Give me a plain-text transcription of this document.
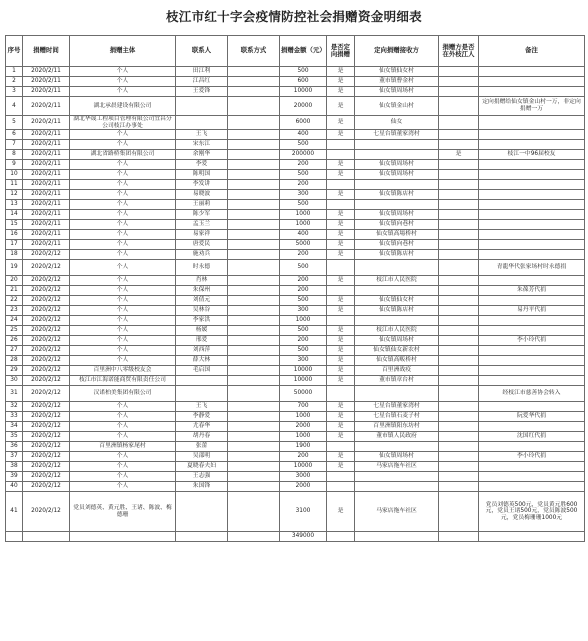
枝江市红十字会疫情防控社会捐赠资金明细表
序号	捐赠时间	捐赠主体	联系人	联系方式	捐赠金额（元）	是否定向捐赠	定向捐赠接收方	捐赠方是否在外枝江人	备注
1	2020/2/11	个人	田江利		500	是	仙女镇仙女村		
2	2020/2/11	个人	江昌红		600	是	董市镇曹金村		
3	2020/2/11	个人	王爱锋		10000	是	仙女镇周场村		
4	2020/2/11	湖北承晨建设有限公司			20000	是	仙女镇金山村		定向捐赠给仙女镇金山村一万，非定向捐赠一万
5	2020/2/11	湖北华晟工程项目管理有限公司宜昌分公司枝江办事处			6000	是	仙女		
6	2020/2/11	个人	王飞		400	是	七星台镇董家湾村		
7	2020/2/11	个人	宋东江		500				
8	2020/2/11	湖北省路桥集团有限公司	余刚华		200000			是	枝江一中96届校友
9	2020/2/11	个人	李爱		200	是	仙女镇周场村		
10	2020/2/11	个人	陈明国		500	是	仙女镇周场村		
11	2020/2/11	个人	李发讲		200				
12	2020/2/11	个人	易晓波		300	是	仙女镇陈店村		
13	2020/2/11	个人	王丽莉		500				
14	2020/2/11	个人	陈少军		1000	是	仙女镇周场村		
15	2020/2/11	个人	孟玉兰		1000	是	仙女镇向巷村		
16	2020/2/11	个人	易家祥		400	是	仙女镇高場桥村		
17	2020/2/11	个人	唐爱民		5000	是	仙女镇向巷村		
18	2020/2/12	个人	施劝兵		200	是	仙女镇陈店村		
19	2020/2/12	个人	时永德		500				青龍华代张家场村时永德捐
20	2020/2/12	个人	肖林		200	是	枝江市人民医院		
21	2020/2/12	个人	朱保州		200				朱葆芳代捐
22	2020/2/12	个人	刘倩元		500	是	仙女镇仙女村		
23	2020/2/12	个人	吴林谷		300	是	仙女镇陈店村		易丹平代捐
24	2020/2/12	个人	李家洪		1000				
25	2020/2/12	个人	杨媛		500	是	枝江市人民医院		
26	2020/2/12	个人	邢爱		200	是	仙女镇周场村		李小玲代捐
27	2020/2/12	个人	刘西萍		500	是	仙女镇仙女新农村		
28	2020/2/12	个人	薛大林		300	是	仙女镇高畈桥村		
29	2020/2/12	百里洲中八零级校友会	毛启国		10000	是	百里洲战疫		
30	2020/2/12	枝江市江海诺能商贸有限责任公司			10000	是	董市镇章台村		
31	2020/2/12	汉诺柏美集团有限公司			50000				经枝江市慈善协会转入
32	2020/2/12	个人	王飞		700	是	七星台镇董家湾村		
33	2020/2/12	个人	李静爱		1000	是	七星台镇石麦子村		阮爱华代捐
34	2020/2/12	个人	尤春华		2000	是	百里洲镇阳东坊村		
35	2020/2/12	个人	胡丹春		1000	是	董市镇人民政府		沈国红代捐
36	2020/2/12	百里洲镇杨家尾村	张蕾		1900				
37	2020/2/12	个人	吴邵明		200	是	仙女镇周场村		李小玲代捐
38	2020/2/12	个人	夏晓春夫妇		10000	是	马家店拖车社区		
39	2020/2/12	个人	王志强		3000				
40	2020/2/12	个人	朱国锋		2000				
41	2020/2/12	党员刘德英、黄元胜、王诸、陈波、梅德珊			3100	是	马家店拖车社区		党员刘德英500元，党员黄元胜600元，党员王诸500元，党员陈波500元，党员梅珊珊1000元
					349000				
